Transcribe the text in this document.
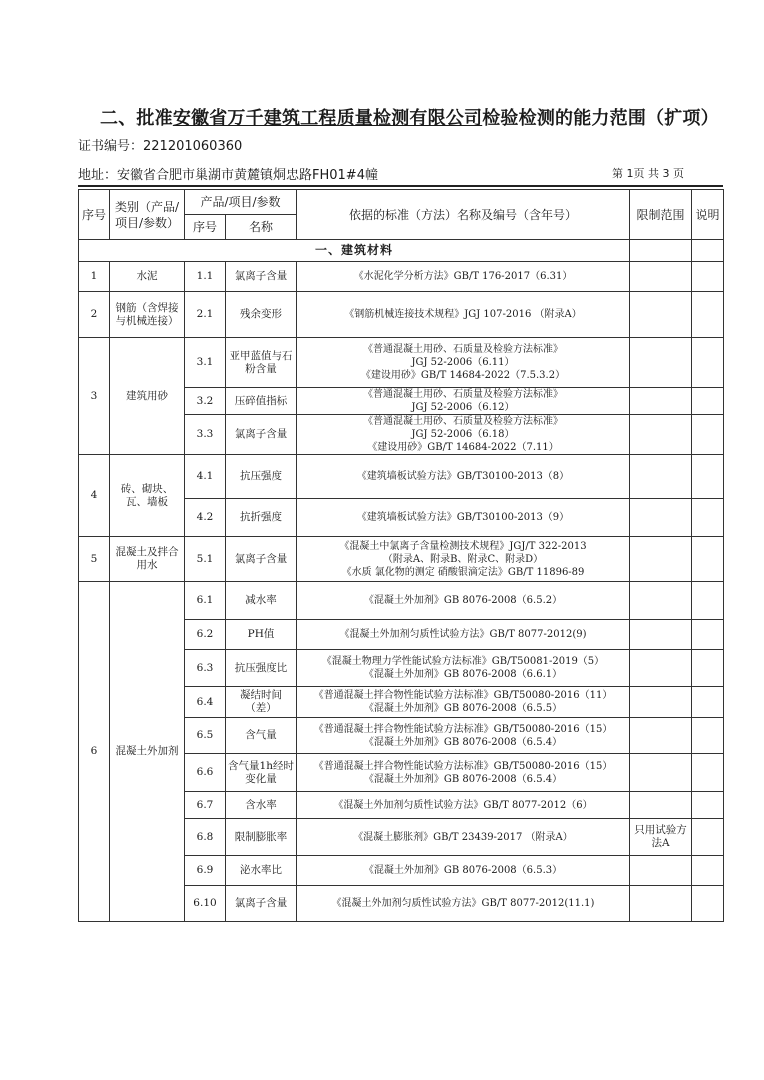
二、批准安徽省万千建筑工程质量检测有限公司检验检测的能力范围（扩项）
证书编号：221201060360
地址：安徽省合肥市巢湖市黄麓镇烔忠路FH01#4幢	第 1页 共 3 页
序号	类别（产品/项目/参数）	产品/项目/参数		依据的标准（方法）名称及编号（含年号）	限制范围	说明
		序号	名称			
一、建筑材料						
1	水泥	1.1	氯离子含量	《水泥化学分析方法》GB/T 176-2017（6.31）		

2	钢筋（含焊接与机械连接）	2.1	残余变形	《钢筋机械连接技术规程》JGJ 107-2016 （附录A）		

3	建筑用砂	3.1	亚甲蓝值与石粉含量	《普通混凝土用砂、石质量及检验方法标准》
JGJ 52-2006（6.11）
《建设用砂》GB/T 14684-2022（7.5.3.2）		

		3.2	压碎值指标	《普通混凝土用砂、石质量及检验方法标准》
JGJ 52-2006（6.12）		

		3.3	氯离子含量	《普通混凝土用砂、石质量及检验方法标准》
JGJ 52-2006（6.18）
《建设用砂》GB/T 14684-2022（7.11）		

4	砖、砌块、瓦、墙板	4.1	抗压强度	《建筑墙板试验方法》GB/T30100-2013（8）		

		4.2	抗折强度	《建筑墙板试验方法》GB/T30100-2013（9）		

5	混凝土及拌合用水	5.1	氯离子含量	《混凝土中氯离子含量检测技术规程》JGJ/T 322-2013
（附录A、附录B、附录C、附录D）
《水质 氯化物的测定 硝酸银滴定法》GB/T 11896-89		

6	混凝土外加剂	6.1	减水率	《混凝土外加剂》GB 8076-2008（6.5.2）		

		6.2	PH值	《混凝土外加剂匀质性试验方法》GB/T 8077-2012(9)		

		6.3	抗压强度比	《混凝土物理力学性能试验方法标准》GB/T50081-2019（5）
《混凝土外加剂》GB 8076-2008（6.6.1）		

		6.4	凝结时间（差）	《普通混凝土拌合物性能试验方法标准》GB/T50080-2016（11）
《混凝土外加剂》GB 8076-2008（6.5.5）		

		6.5	含气量	《普通混凝土拌合物性能试验方法标准》GB/T50080-2016（15）
《混凝土外加剂》GB 8076-2008（6.5.4）		

		6.6	含气量1h经时变化量	《普通混凝土拌合物性能试验方法标准》GB/T50080-2016（15）
《混凝土外加剂》GB 8076-2008（6.5.4）		

		6.7	含水率	《混凝土外加剂匀质性试验方法》GB/T 8077-2012（6）		

		6.8	限制膨胀率	《混凝土膨胀剂》GB/T 23439-2017 （附录A）	只用试验方法A	
		6.9	泌水率比	《混凝土外加剂》GB 8076-2008（6.5.3）		

		6.10	氯离子含量	《混凝土外加剂匀质性试验方法》GB/T 8077-2012(11.1)		
